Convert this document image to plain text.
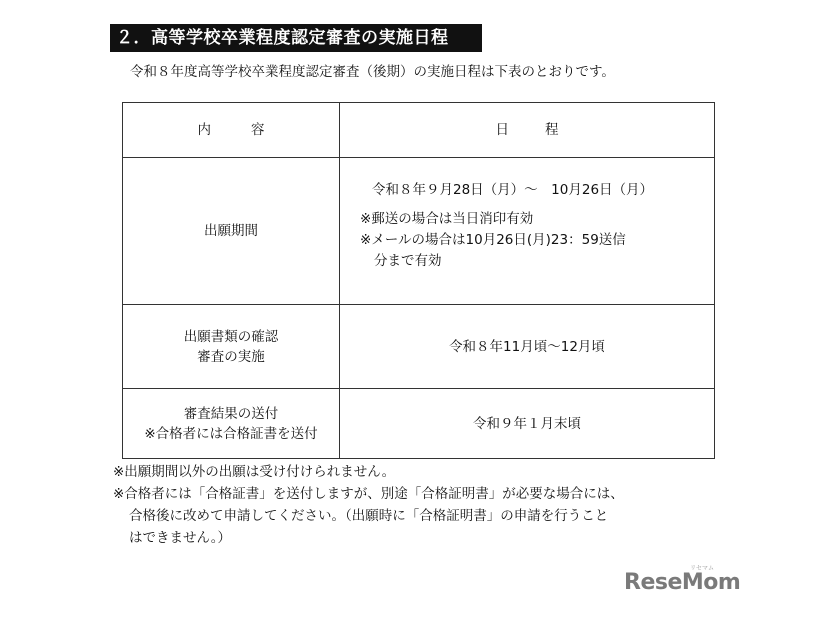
２．高等学校卒業程度認定審査の実施日程
令和８年度高等学校卒業程度認定審査（後期）の実施日程は下表のとおりです。
内 容	日 程
出願期間	令和８年９月28日（月）～　10月26日（月）
※郵送の場合は当日消印有効
※メールの場合は10月26日(月)23：59送信
分まで有効

出願書類の確認
審査の実施	令和８年11月頃～12月頃

審査結果の送付
※合格者には合格証書を送付	令和９年１月末頃
※出願期間以外の出願は受け付けられません。
※合格者には「合格証書」を送付しますが、別途「合格証明書」が必要な場合には、
合格後に改めて申請してください。（出願時に「合格証明書」の申請を行うこと
はできません。）
リセマム
ReseMom
